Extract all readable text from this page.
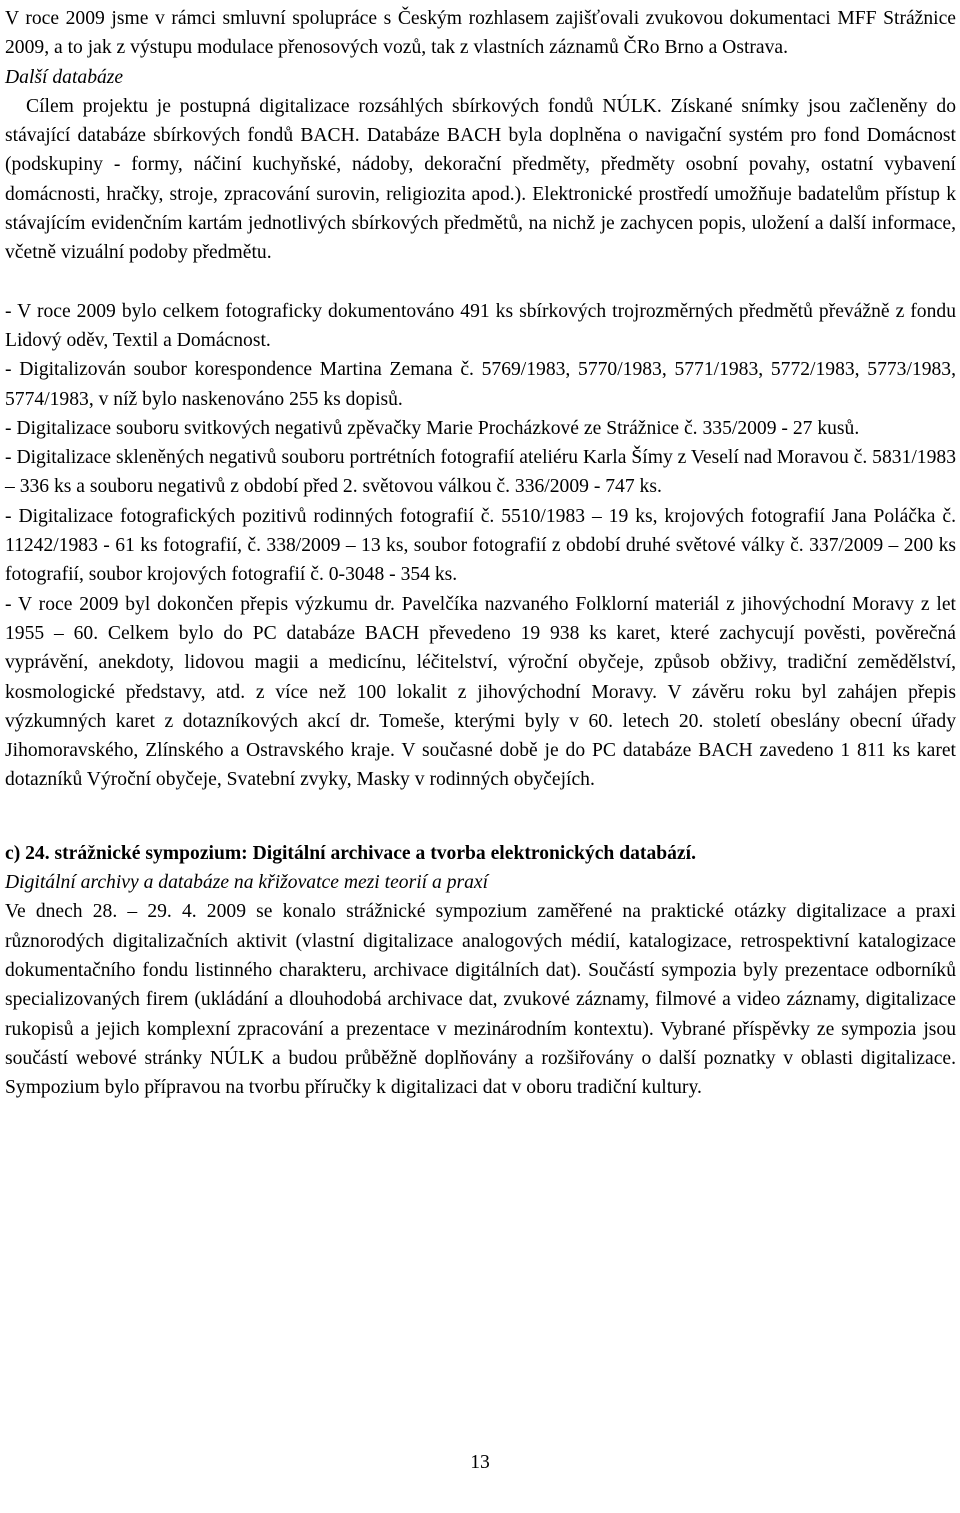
V roce 2009 jsme v rámci smluvní spolupráce s Českým rozhlasem zajišťovali zvukovou dokumentaci MFF Strážnice 2009, a to jak z výstupu modulace přenosových vozů, tak z vlastních záznamů ČRo Brno a Ostrava.

Další databáze

Cílem projektu je postupná digitalizace rozsáhlých sbírkových fondů NÚLK. Získané snímky jsou začleněny do stávající databáze sbírkových fondů BACH. Databáze BACH byla doplněna o navigační systém pro fond Domácnost (podskupiny - formy, náčiní kuchyňské, nádoby, dekorační předměty, předměty osobní povahy, ostatní vybavení domácnosti, hračky, stroje, zpracování surovin, religiozita apod.). Elektronické prostředí umožňuje badatelům přístup k stávajícím evidenčním kartám jednotlivých sbírkových předmětů, na nichž je zachycen popis, uložení a další informace, včetně vizuální podoby předmětu.

- V roce 2009 bylo celkem fotograficky dokumentováno 491 ks sbírkových trojrozměrných předmětů převážně z fondu Lidový oděv, Textil a Domácnost.

- Digitalizován soubor korespondence Martina Zemana č. 5769/1983, 5770/1983, 5771/1983, 5772/1983, 5773/1983, 5774/1983, v níž bylo naskenováno 255 ks dopisů.

- Digitalizace souboru svitkových negativů zpěvačky Marie Procházkové ze Strážnice č. 335/2009 - 27 kusů.

- Digitalizace skleněných negativů souboru portrétních fotografií ateliéru Karla Šímy z Veselí nad Moravou č. 5831/1983 – 336 ks a souboru negativů z období před 2. světovou válkou č. 336/2009 - 747 ks.

- Digitalizace fotografických pozitivů rodinných fotografií č. 5510/1983 – 19 ks, krojových fotografií Jana Poláčka č. 11242/1983 - 61 ks fotografií, č. 338/2009 – 13 ks, soubor fotografií z období druhé světové války č. 337/2009 – 200 ks fotografií, soubor krojových fotografií č. 0-3048 - 354 ks.

- V roce 2009 byl dokončen přepis výzkumu dr. Pavelčíka nazvaného Folklorní materiál z jihovýchodní Moravy z let 1955 – 60. Celkem bylo do PC databáze BACH převedeno 19 938 ks karet, které zachycují pověsti, pověrečná vyprávění, anekdoty, lidovou magii a medicínu, léčitelství, výroční obyčeje, způsob obživy, tradiční zemědělství, kosmologické představy, atd. z více než 100 lokalit z jihovýchodní Moravy. V závěru roku byl zahájen přepis výzkumných karet z dotazníkových akcí dr. Tomeše, kterými byly v 60. letech 20. století obeslány obecní úřady Jihomoravského, Zlínského a Ostravského kraje. V současné době je do PC databáze BACH zavedeno 1 811 ks karet dotazníků Výroční obyčeje, Svatební zvyky, Masky v rodinných obyčejích.

c) 24. strážnické sympozium: Digitální archivace a tvorba elektronických databází.

Digitální archivy a databáze na křižovatce mezi teorií a praxí

Ve dnech 28. – 29. 4. 2009 se konalo strážnické sympozium zaměřené na praktické otázky digitalizace a praxi různorodých digitalizačních aktivit (vlastní digitalizace analogových médií, katalogizace, retrospektivní katalogizace dokumentačního fondu listinného charakteru, archivace digitálních dat). Součástí sympozia byly prezentace odborníků specializovaných firem (ukládání a dlouhodobá archivace dat, zvukové záznamy, filmové a video záznamy, digitalizace rukopisů a jejich komplexní zpracování a prezentace v mezinárodním kontextu). Vybrané příspěvky ze sympozia jsou součástí webové stránky NÚLK a budou průběžně doplňovány a rozšiřovány o další poznatky v oblasti digitalizace. Sympozium bylo přípravou na tvorbu příručky k digitalizaci dat v oboru tradiční kultury.

13
